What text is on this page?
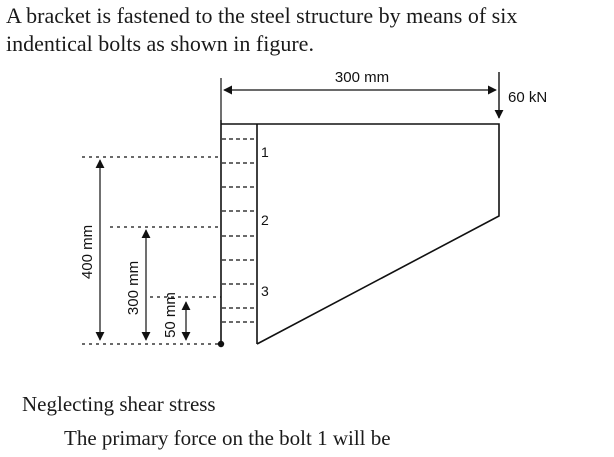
A bracket is fastened to the steel structure by means of six
indentical bolts as shown in figure.

300 mm
60 kN
1
2
3
400 mm
300 mm 50 mm

Neglecting shear stress

The primary force on the bolt 1 will be
